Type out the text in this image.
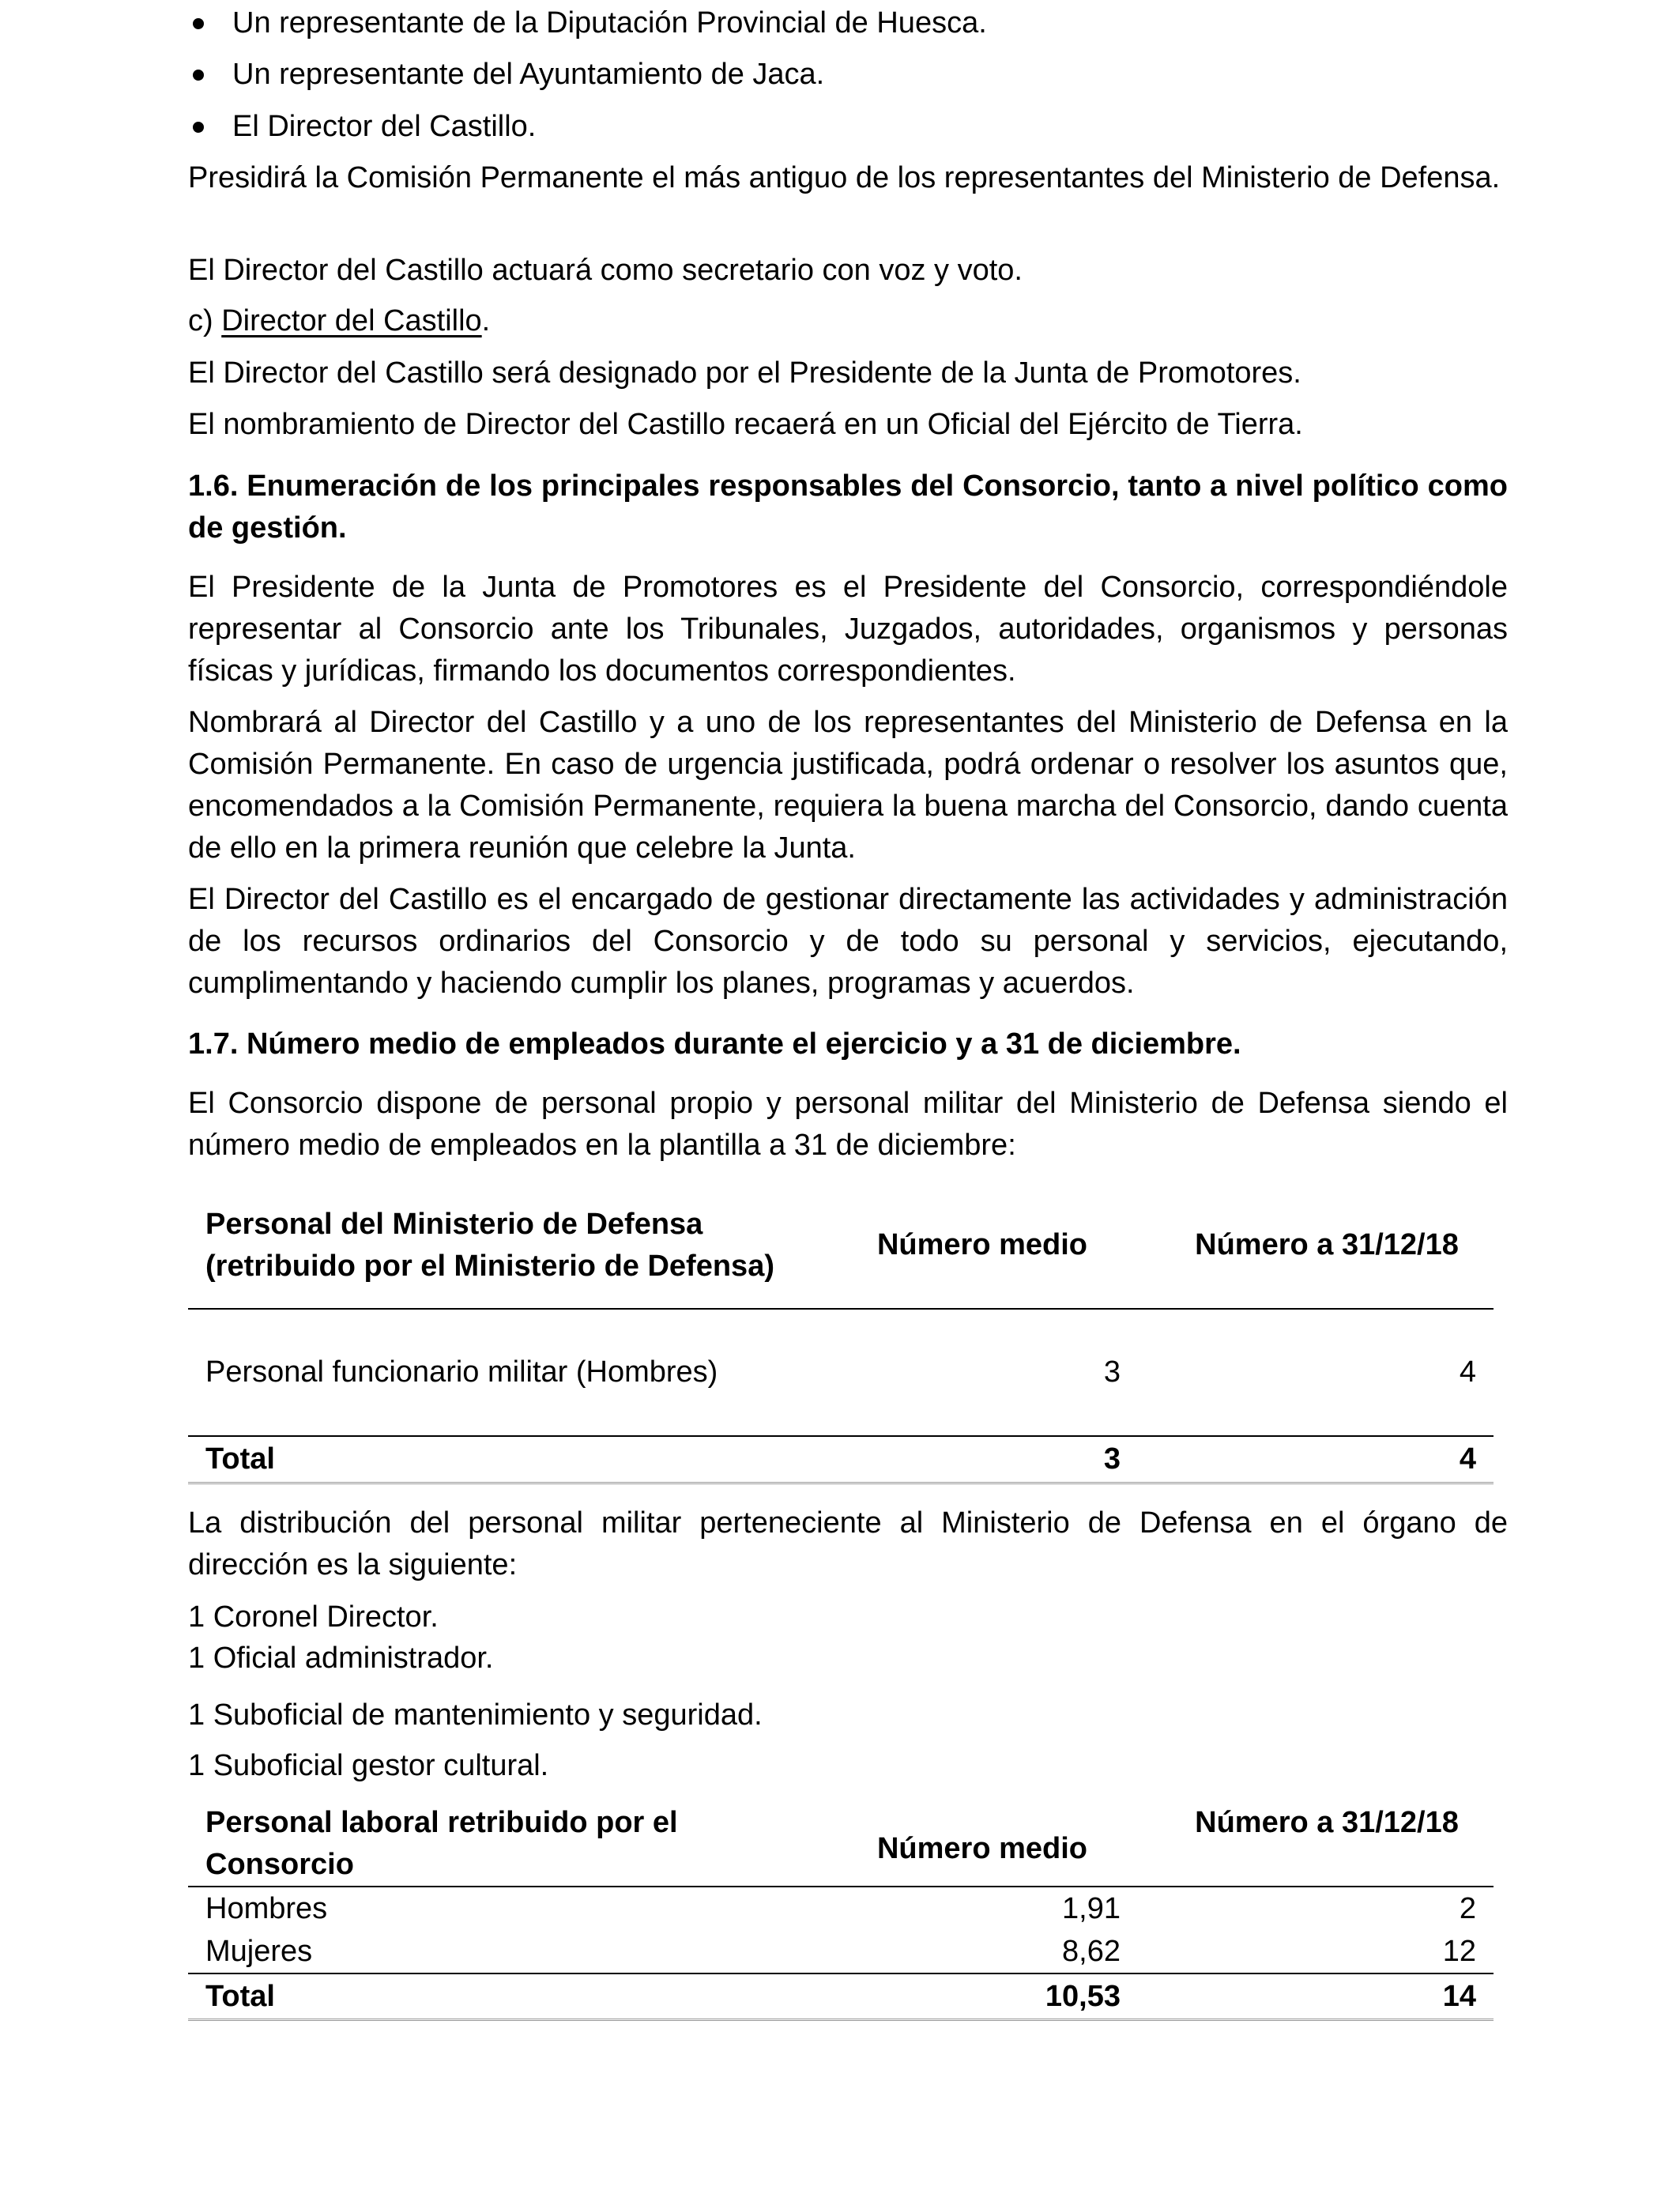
Un representante de la Diputación Provincial de Huesca.
Un representante del Ayuntamiento de Jaca.
El Director del Castillo.

Presidirá la Comisión Permanente el más antiguo de los representantes del Ministerio de Defensa.

El Director del Castillo actuará como secretario con voz y voto.

c) Director del Castillo.

El Director del Castillo será designado por el Presidente de la Junta de Promotores.

El nombramiento de Director del Castillo recaerá en un Oficial del Ejército de Tierra.

1.6. Enumeración de los principales responsables del Consorcio, tanto a nivel político como de gestión.

El Presidente de la Junta de Promotores es el Presidente del Consorcio, correspondiéndole representar al Consorcio ante los Tribunales, Juzgados, autoridades, organismos y personas físicas y jurídicas, firmando los documentos correspondientes.

Nombrará al Director del Castillo y a uno de los representantes del Ministerio de Defensa en la Comisión Permanente. En caso de urgencia justificada, podrá ordenar o resolver los asuntos que, encomendados a la Comisión Permanente, requiera la buena marcha del Consorcio, dando cuenta de ello en la primera reunión que celebre la Junta.

El Director del Castillo es el encargado de gestionar directamente las actividades y administración de los recursos ordinarios del Consorcio y de todo su personal y servicios, ejecutando, cumplimentando y haciendo cumplir los planes, programas y acuerdos.

1.7. Número medio de empleados durante el ejercicio y a 31 de diciembre.

El Consorcio dispone de personal propio y personal militar del Ministerio de Defensa siendo el número medio de empleados en la plantilla a 31 de diciembre:

Personal del Ministerio de Defensa (retribuido por el Ministerio de Defensa)	Número medio	Número a 31/12/18
Personal funcionario militar (Hombres)	3	4
Total	3	4

La distribución del personal militar perteneciente al Ministerio de Defensa en el órgano de dirección es la siguiente:

1 Coronel Director.

1 Oficial administrador.

1 Suboficial de mantenimiento y seguridad.

1 Suboficial gestor cultural.

Personal laboral retribuido por el Consorcio	Número medio	Número a 31/12/18
Hombres	1,91	2
Mujeres	8,62	12
Total	10,53	14
